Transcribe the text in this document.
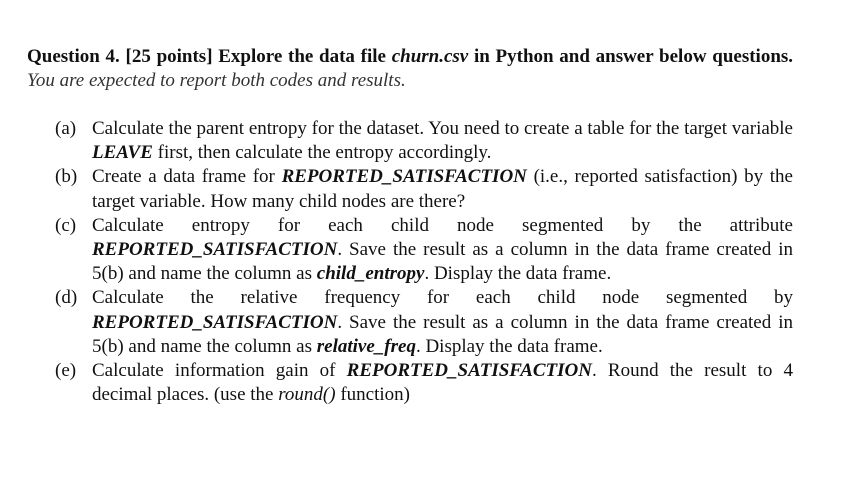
Question 4. [25 points] Explore the data file churn.csv in Python and answer below questions. You are expected to report both codes and results.
(a) Calculate the parent entropy for the dataset. You need to create a table for the target variable LEAVE first, then calculate the entropy accordingly.
(b) Create a data frame for REPORTED_SATISFACTION (i.e., reported satisfaction) by the target variable. How many child nodes are there?
(c) Calculate entropy for each child node segmented by the attribute REPORTED_SATISFACTION. Save the result as a column in the data frame created in 5(b) and name the column as child_entropy. Display the data frame.
(d) Calculate the relative frequency for each child node segmented by REPORTED_SATISFACTION. Save the result as a column in the data frame created in 5(b) and name the column as relative_freq. Display the data frame.
(e) Calculate information gain of REPORTED_SATISFACTION. Round the result to 4 decimal places. (use the round() function)
